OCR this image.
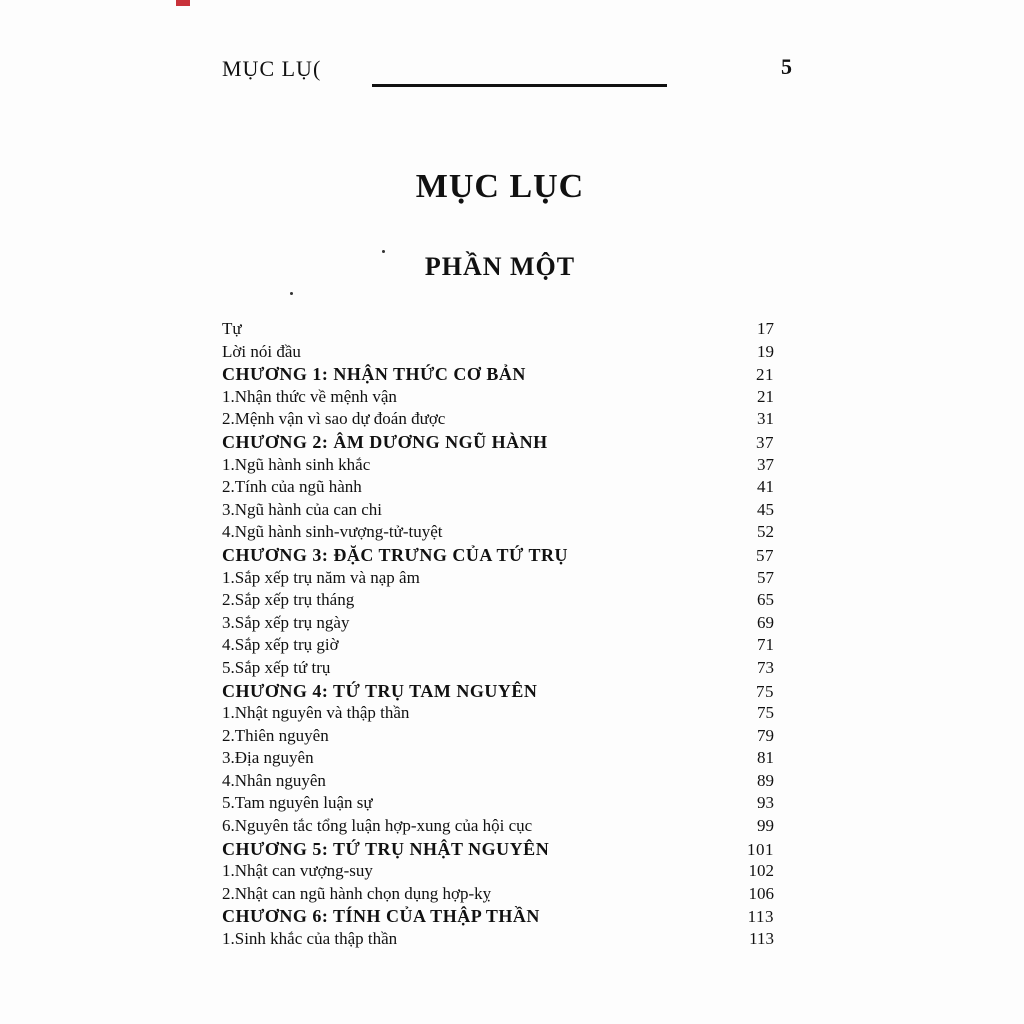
MỤC LỤ(	5
MỤC LỤC
PHẦN MỘT
Tự	17
Lời nói đầu	19
CHƯƠNG 1: NHẬN THỨC CƠ BẢN	21
1.Nhận thức về mệnh vận	21
2.Mệnh vận vì sao dự đoán được	31
CHƯƠNG 2: ÂM DƯƠNG NGŨ HÀNH	37
1.Ngũ hành sinh khắc	37
2.Tính của ngũ hành	41
3.Ngũ hành của can chi	45
4.Ngũ hành sinh-vượng-tử-tuyệt	52
CHƯƠNG 3: ĐẶC TRƯNG CỦA TỨ TRỤ	57
1.Sắp xếp trụ năm và nạp âm	57
2.Sắp xếp trụ tháng	65
3.Sắp xếp trụ ngày	69
4.Sắp xếp trụ giờ	71
5.Sắp xếp tứ trụ	73
CHƯƠNG 4: TỨ TRỤ TAM NGUYÊN	75
1.Nhật nguyên và thập thần	75
2.Thiên nguyên	79
3.Địa nguyên	81
4.Nhân nguyên	89
5.Tam nguyên luận sự	93
6.Nguyên tắc tổng luận hợp-xung của hội cục	99
CHƯƠNG 5: TỨ TRỤ NHẬT NGUYÊN	101
1.Nhật can vượng-suy	102
2.Nhật can ngũ hành chọn dụng hợp-kỵ	106
CHƯƠNG 6: TÍNH CỦA THẬP THẦN	113
1.Sinh khắc của thập thần	113
